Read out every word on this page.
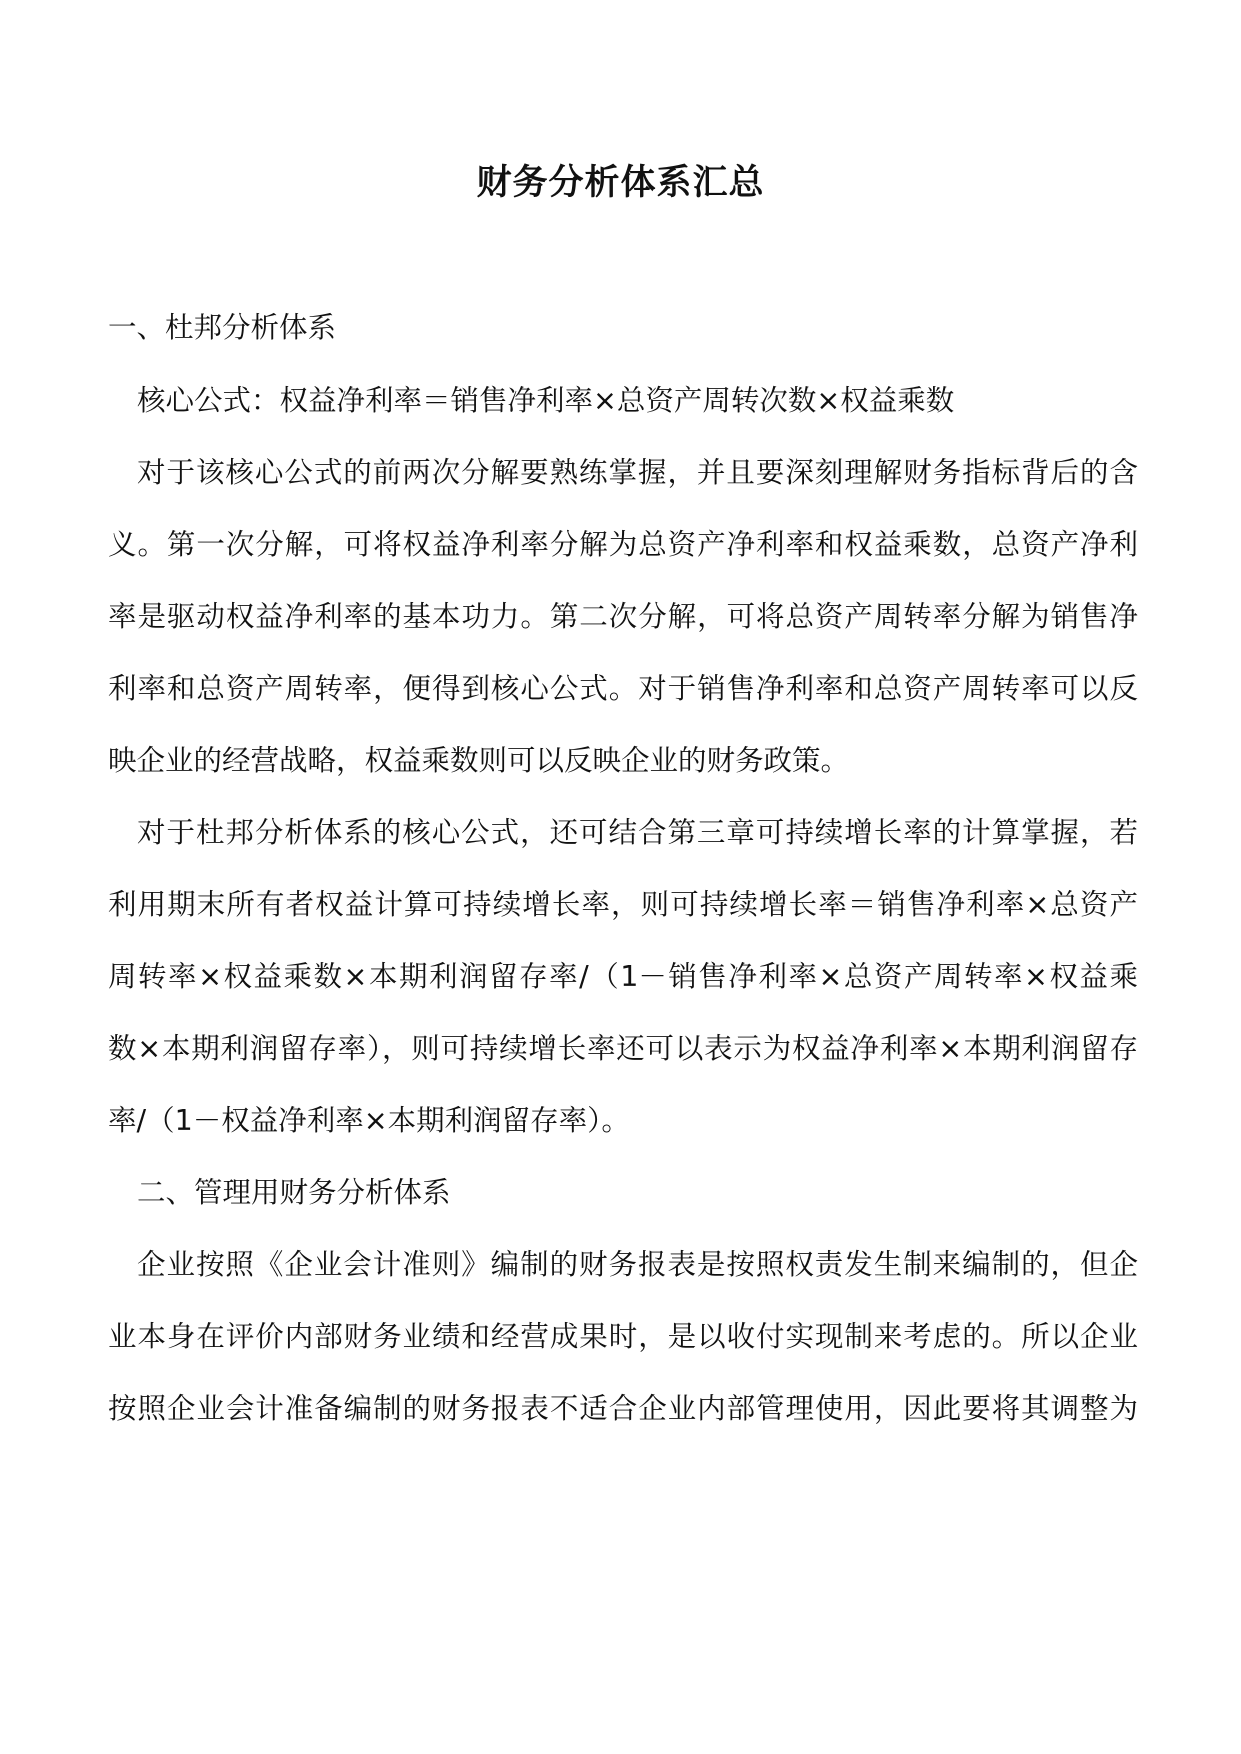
财务分析体系汇总

一、杜邦分析体系

核心公式：权益净利率＝销售净利率×总资产周转次数×权益乘数

对于该核心公式的前两次分解要熟练掌握，并且要深刻理解财务指标背后的含

义。第一次分解，可将权益净利率分解为总资产净利率和权益乘数，总资产净利

率是驱动权益净利率的基本功力。第二次分解，可将总资产周转率分解为销售净

利率和总资产周转率，便得到核心公式。对于销售净利率和总资产周转率可以反

映企业的经营战略，权益乘数则可以反映企业的财务政策。

对于杜邦分析体系的核心公式，还可结合第三章可持续增长率的计算掌握，若

利用期末所有者权益计算可持续增长率，则可持续增长率＝销售净利率×总资产

周转率×权益乘数×本期利润留存率/（1－销售净利率×总资产周转率×权益乘

数×本期利润留存率），则可持续增长率还可以表示为权益净利率×本期利润留存

率/（1－权益净利率×本期利润留存率）。

二、管理用财务分析体系

企业按照《企业会计准则》编制的财务报表是按照权责发生制来编制的，但企

业本身在评价内部财务业绩和经营成果时，是以收付实现制来考虑的。所以企业

按照企业会计准备编制的财务报表不适合企业内部管理使用，因此要将其调整为
